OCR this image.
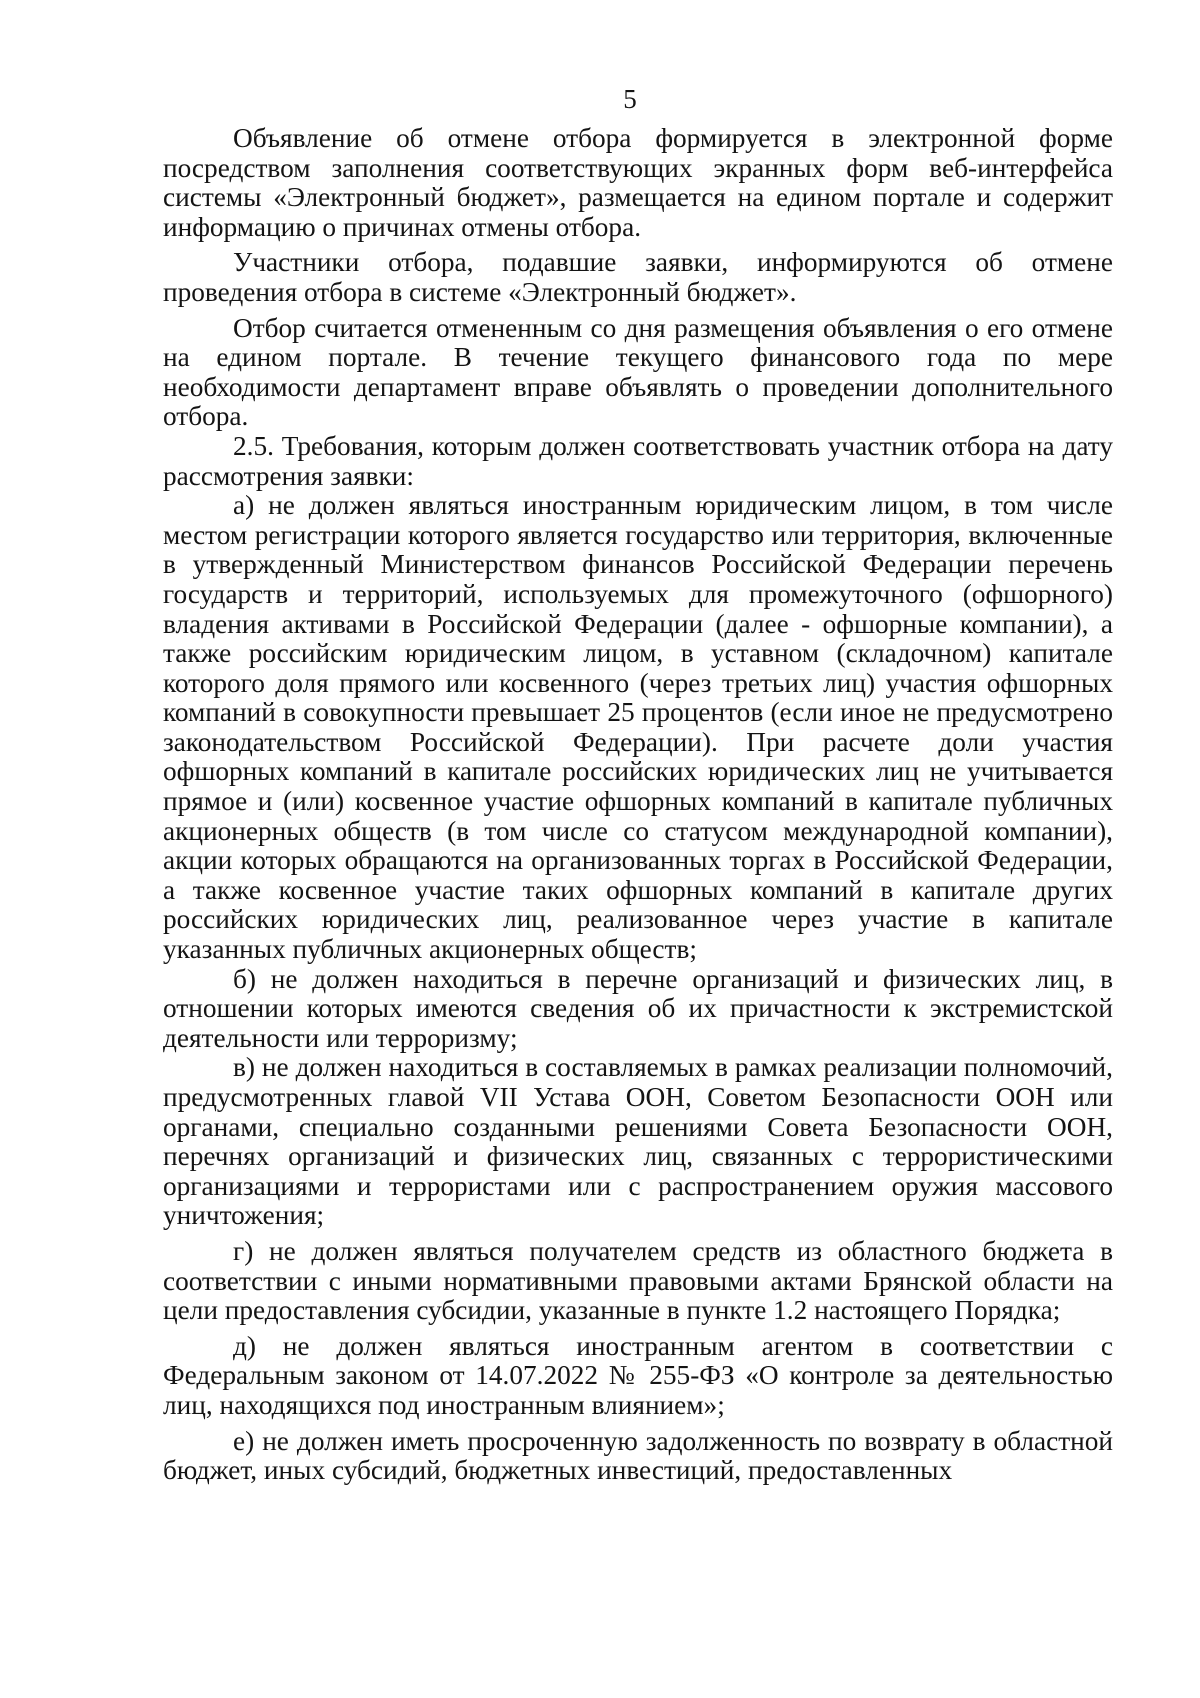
5

Объявление об отмене отбора формируется в электронной форме посредством заполнения соответствующих экранных форм веб-интерфейса системы «Электронный бюджет», размещается на едином портале и содержит информацию о причинах отмены отбора.

Участники отбора, подавшие заявки, информируются об отмене проведения отбора в системе «Электронный бюджет».

Отбор считается отмененным со дня размещения объявления о его отмене на едином портале. В течение текущего финансового года по мере необходимости департамент вправе объявлять о проведении дополнительного отбора.

2.5. Требования, которым должен соответствовать участник отбора на дату рассмотрения заявки:

а) не должен являться иностранным юридическим лицом, в том числе местом регистрации которого является государство или территория, включенные в утвержденный Министерством финансов Российской Федерации перечень государств и территорий, используемых для промежуточного (офшорного) владения активами в Российской Федерации (далее - офшорные компании), а также российским юридическим лицом, в уставном (складочном) капитале которого доля прямого или косвенного (через третьих лиц) участия офшорных компаний в совокупности превышает 25 процентов (если иное не предусмотрено законодательством Российской Федерации). При расчете доли участия офшорных компаний в капитале российских юридических лиц не учитывается прямое и (или) косвенное участие офшорных компаний в капитале публичных акционерных обществ (в том числе со статусом международной компании), акции которых обращаются на организованных торгах в Российской Федерации, а также косвенное участие таких офшорных компаний в капитале других российских юридических лиц, реализованное через участие в капитале указанных публичных акционерных обществ;

б) не должен находиться в перечне организаций и физических лиц, в отношении которых имеются сведения об их причастности к экстремистской деятельности или терроризму;

в) не должен находиться в составляемых в рамках реализации полномочий, предусмотренных главой VII Устава ООН, Советом Безопасности ООН или органами, специально созданными решениями Совета Безопасности ООН, перечнях организаций и физических лиц, связанных с террористическими организациями и террористами или с распространением оружия массового уничтожения;

г) не должен являться получателем средств из областного бюджета в соответствии с иными нормативными правовыми актами Брянской области на цели предоставления субсидии, указанные в пункте 1.2 настоящего Порядка;

д) не должен являться иностранным агентом в соответствии с Федеральным законом от 14.07.2022 № 255-ФЗ «О контроле за деятельностью лиц, находящихся под иностранным влиянием»;

е) не должен иметь просроченную задолженность по возврату в областной бюджет, иных субсидий, бюджетных инвестиций, предоставленных
